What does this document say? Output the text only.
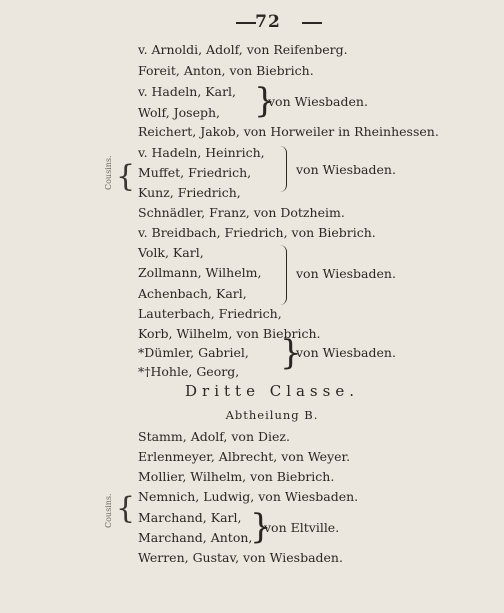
72
v. Arnoldi, Adolf, von Reifenberg.
Foreit, Anton, von Biebrich.
v. Hadeln, Karl,
Wolf, Joseph,
Reichert, Jakob, von Horweiler in Rheinhessen.
v. Hadeln, Heinrich,
Muffet, Friedrich,
Kunz, Friedrich,
Schnädler, Franz, von Dotzheim.
v. Breidbach, Friedrich, von Biebrich.
Volk, Karl,
Zollmann, Wilhelm,
Achenbach, Karl,
Lauterbach, Friedrich,
Korb, Wilhelm, von Biebrich.
*Dümler, Gabriel,
*†Hohle, Georg,
}
von Wiesbaden.
von Wiesbaden.
von Wiesbaden.
}
von Wiesbaden.
Cousins. {
Dritte Classe.
Abtheilung B.
Stamm, Adolf, von Diez.
Erlenmeyer, Albrecht, von Weyer.
Mollier, Wilhelm, von Biebrich.
Nemnich, Ludwig, von Wiesbaden.
Marchand, Karl,
Marchand, Anton,
Werren, Gustav, von Wiesbaden.
}
von Eltville.
Cousins. {
